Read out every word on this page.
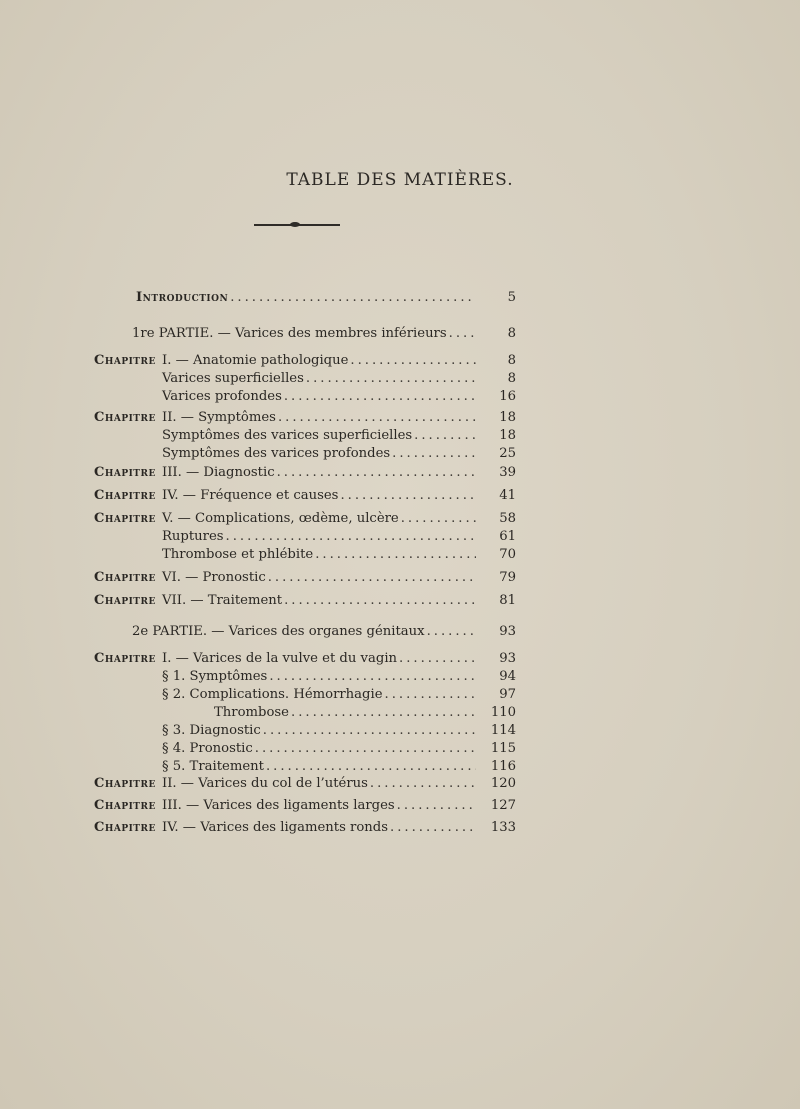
TABLE DES MATIÈRES.
Introduction .....	5
1re PARTIE. — Varices des membres inférieurs .....	8
Chapitre I. — Anatomie pathologique .....	8
Varices superficielles .....	8
Varices profondes .....	16
Chapitre II. — Symptômes .....	18
Symptômes des varices superficielles .....	18
Symptômes des varices profondes .....	25
Chapitre III. — Diagnostic .....	39
Chapitre IV. — Fréquence et causes .....	41
Chapitre V. — Complications, œdème, ulcère .....	58
Ruptures .....	61
Thrombose et phlébite .....	70
Chapitre VI. — Pronostic .....	79
Chapitre VII. — Traitement .....	81
2e PARTIE. — Varices des organes génitaux .....	93
Chapitre I. — Varices de la vulve et du vagin .....	93
§ 1. Symptômes .....	94
§ 2. Complications. Hémorrhagie .....	97
Thrombose .....	110
§ 3. Diagnostic .....	114
§ 4. Pronostic .....	115
§ 5. Traitement .....	116
Chapitre II. — Varices du col de l’utérus .....	120
Chapitre III. — Varices des ligaments larges .....	127
Chapitre IV. — Varices des ligaments ronds .....	133
